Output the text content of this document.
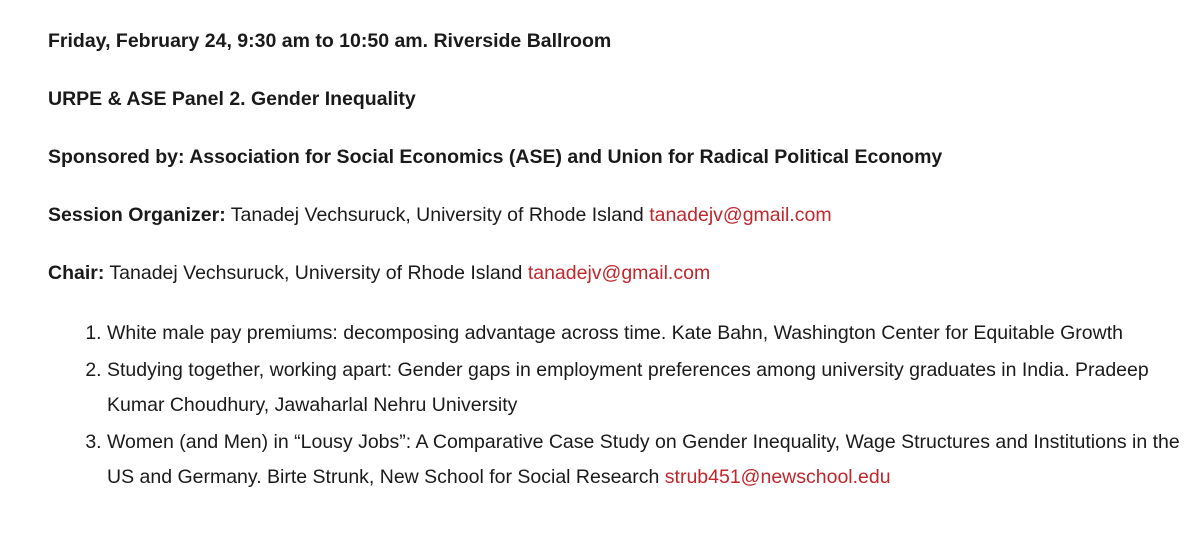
Friday, February 24, 9:30 am to 10:50 am. Riverside Ballroom
URPE & ASE Panel 2. Gender Inequality
Sponsored by: Association for Social Economics (ASE) and Union for Radical Political Economy
Session Organizer: Tanadej Vechsuruck, University of Rhode Island tanadejv@gmail.com
Chair: Tanadej Vechsuruck, University of Rhode Island tanadejv@gmail.com
1. White male pay premiums: decomposing advantage across time. Kate Bahn, Washington Center for Equitable Growth
2. Studying together, working apart: Gender gaps in employment preferences among university graduates in India. Pradeep Kumar Choudhury, Jawaharlal Nehru University
3. Women (and Men) in “Lousy Jobs”: A Comparative Case Study on Gender Inequality, Wage Structures and Institutions in the US and Germany. Birte Strunk, New School for Social Research strub451@newschool.edu
